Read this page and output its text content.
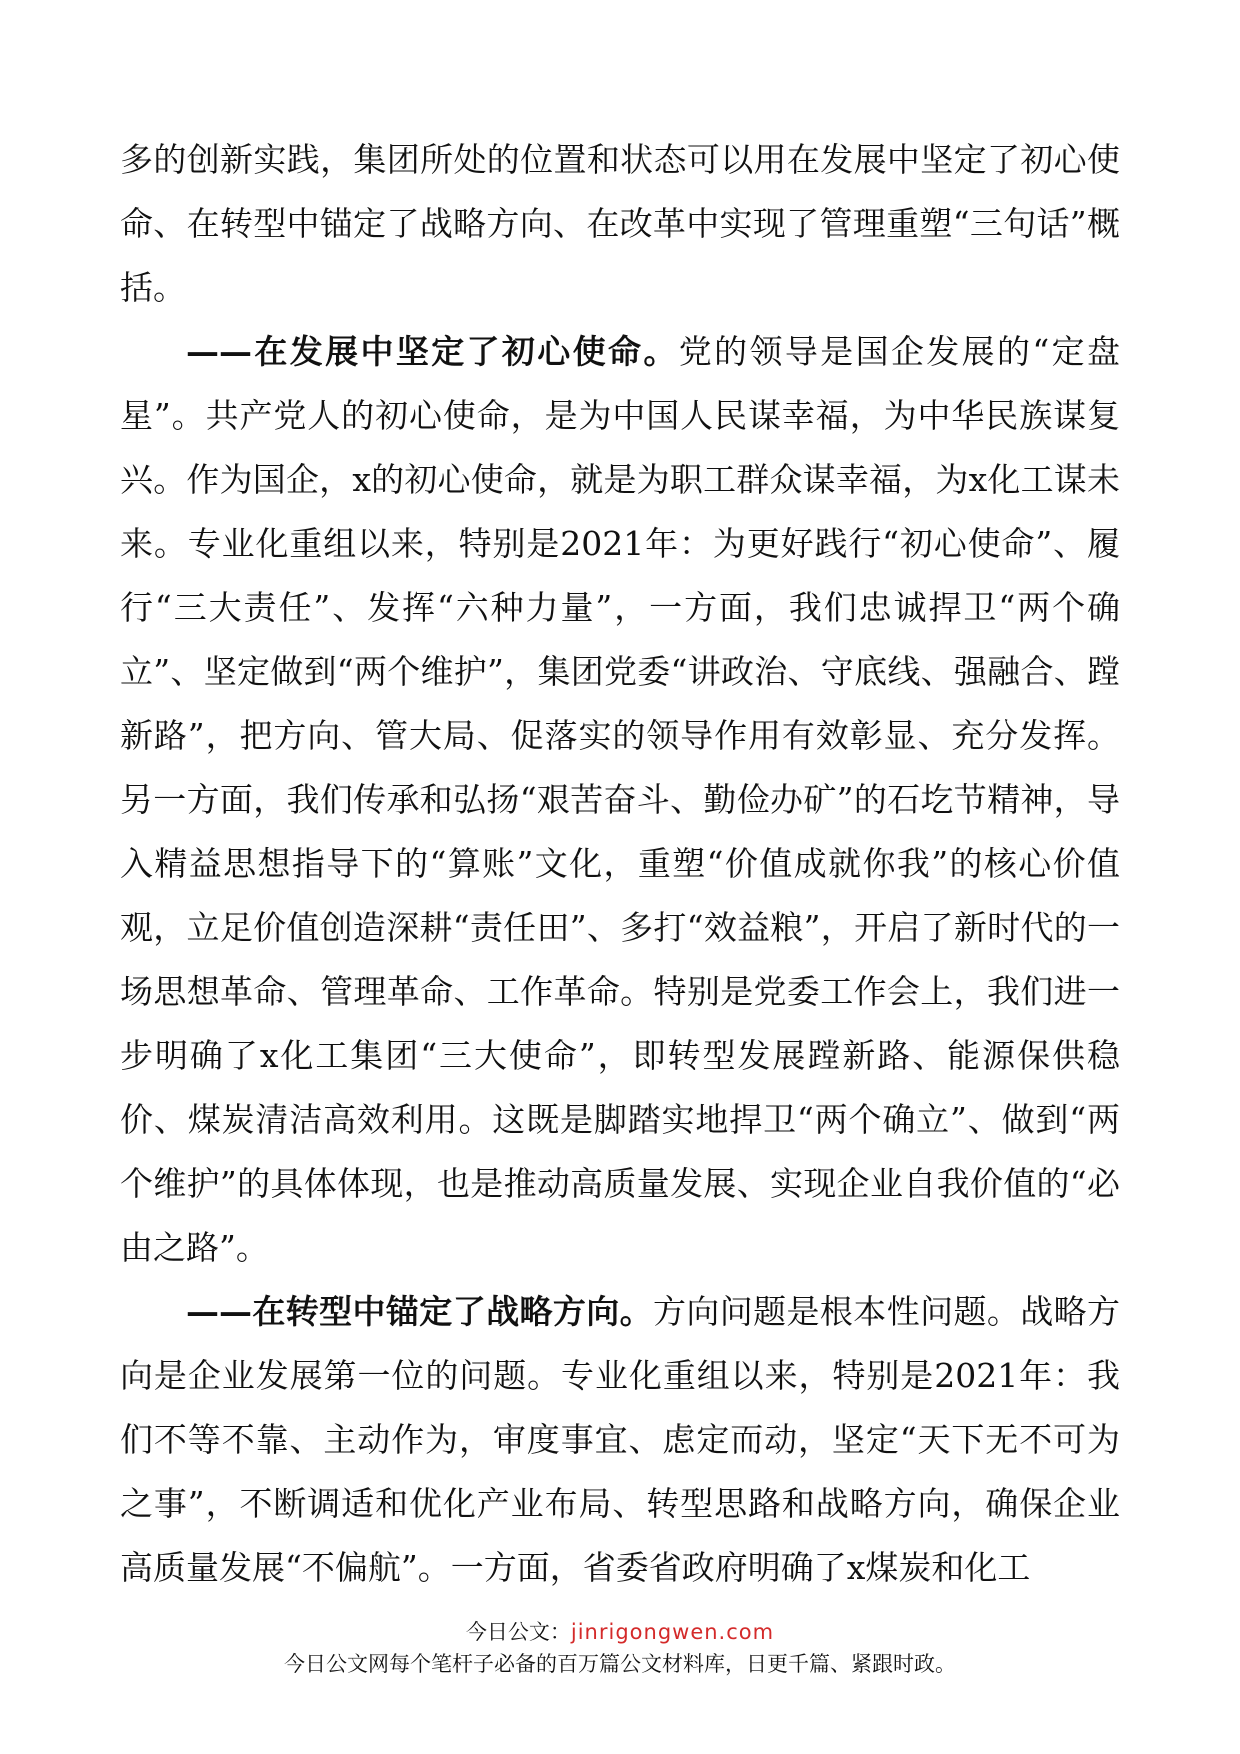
多的创新实践，集团所处的位置和状态可以用在发展中坚定了初心使命、在转型中锚定了战略方向、在改革中实现了管理重塑“三句话”概括。

——在发展中坚定了初心使命。党的领导是国企发展的“定盘星”。共产党人的初心使命，是为中国人民谋幸福，为中华民族谋复兴。作为国企，x的初心使命，就是为职工群众谋幸福，为x化工谋未来。专业化重组以来，特别是2021年：为更好践行“初心使命”、履行“三大责任”、发挥“六种力量”，一方面，我们忠诚捍卫“两个确立”、坚定做到“两个维护”，集团党委“讲政治、守底线、强融合、蹚新路”，把方向、管大局、促落实的领导作用有效彰显、充分发挥。另一方面，我们传承和弘扬“艰苦奋斗、勤俭办矿”的石圪节精神，导入精益思想指导下的“算账”文化，重塑“价值成就你我”的核心价值观，立足价值创造深耕“责任田”、多打“效益粮”，开启了新时代的一场思想革命、管理革命、工作革命。特别是党委工作会上，我们进一步明确了x化工集团“三大使命”，即转型发展蹚新路、能源保供稳价、煤炭清洁高效利用。这既是脚踏实地捍卫“两个确立”、做到“两个维护”的具体体现，也是推动高质量发展、实现企业自我价值的“必由之路”。

——在转型中锚定了战略方向。方向问题是根本性问题。战略方向是企业发展第一位的问题。专业化重组以来，特别是2021年：我们不等不靠、主动作为，审度事宜、虑定而动，坚定“天下无不可为之事”，不断调适和优化产业布局、转型思路和战略方向，确保企业高质量发展“不偏航”。一方面，省委省政府明确了x煤炭和化工

今日公文：jinrigongwen.com
今日公文网每个笔杆子必备的百万篇公文材料库，日更千篇、紧跟时政。
